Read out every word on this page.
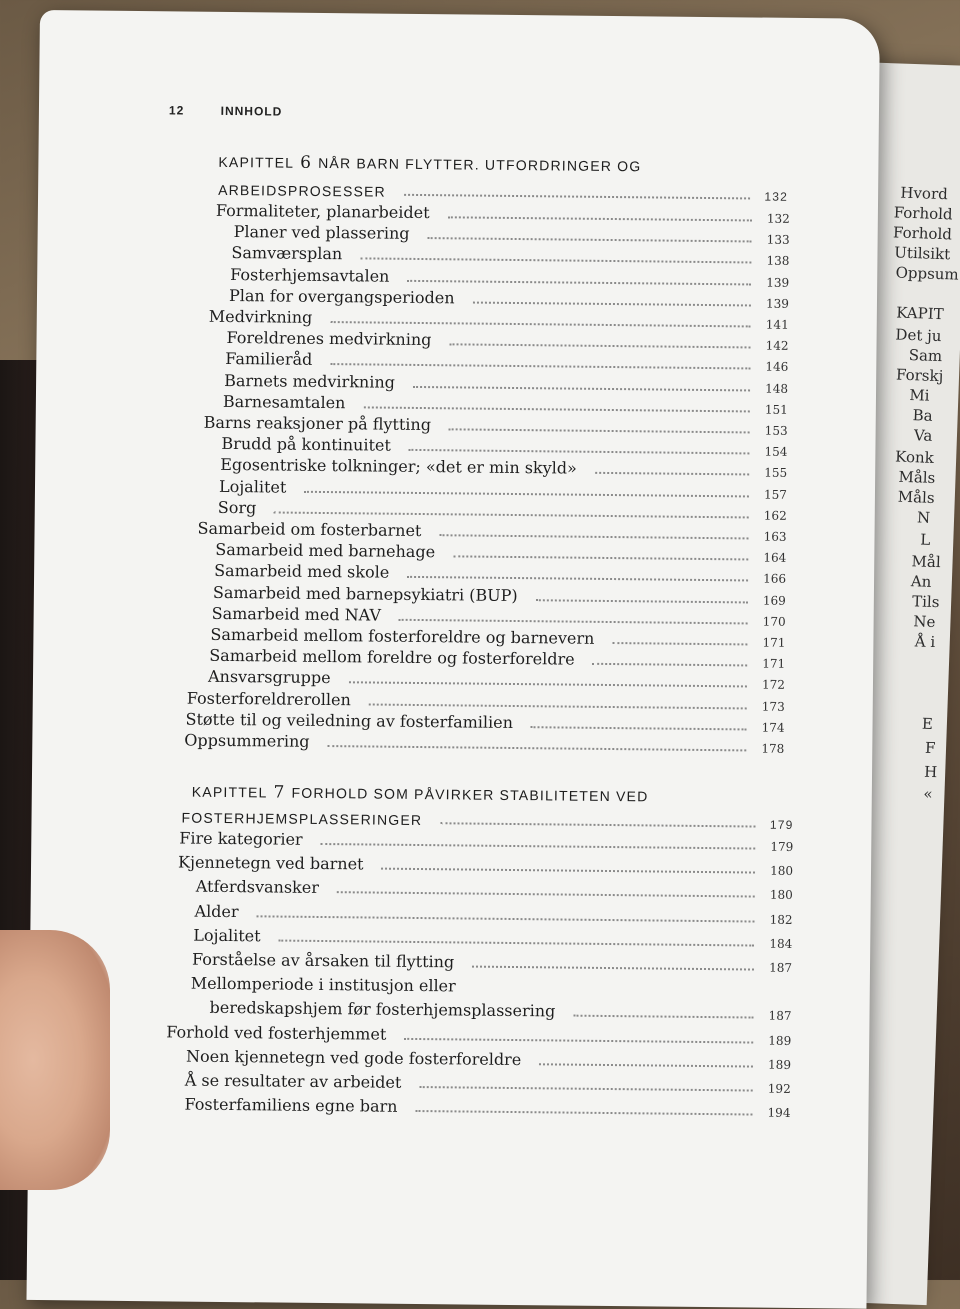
Hvord
Forhold
Forhold
Utilsikt
Oppsum
KAPIT
Det ju
Sam
Forskj
Mi
Ba
Va
Konk
Måls
Måls
N
L
Mål
An
Tils
Ne
Å i
E
F
H
«
12	INNHOLD
KAPITTEL 6 NÅR BARN FLYTTER. UTFORDRINGER OG
ARBEIDSPROSESSER	132
Formaliteter, planarbeidet	132
Planer ved plassering	133
Samværsplan	138
Fosterhjemsavtalen	139
Plan for overgangsperioden	139
Medvirkning	141
Foreldrenes medvirkning	142
Familieråd	146
Barnets medvirkning	148
Barnesamtalen	151
Barns reaksjoner på flytting	153
Brudd på kontinuitet	154
Egosentriske tolkninger; «det er min skyld»	155
Lojalitet	157
Sorg	162
Samarbeid om fosterbarnet	163
Samarbeid med barnehage	164
Samarbeid med skole	166
Samarbeid med barnepsykiatri (BUP)	169
Samarbeid med NAV	170
Samarbeid mellom fosterforeldre og barnevern	171
Samarbeid mellom foreldre og fosterforeldre	171
Ansvarsgruppe	172
Fosterforeldrerollen	173
Støtte til og veiledning av fosterfamilien	174
Oppsummering	178
KAPITTEL 7 FORHOLD SOM PÅVIRKER STABILITETEN VED
FOSTERHJEMSPLASSERINGER	179
Fire kategorier	179
Kjennetegn ved barnet	180
Atferdsvansker	180
Alder	182
Lojalitet	184
Forståelse av årsaken til flytting	187
Mellomperiode i institusjon eller
beredskapshjem før fosterhjemsplassering	187
Forhold ved fosterhjemmet	189
Noen kjennetegn ved gode fosterforeldre	189
Å se resultater av arbeidet	192
Fosterfamiliens egne barn	194
